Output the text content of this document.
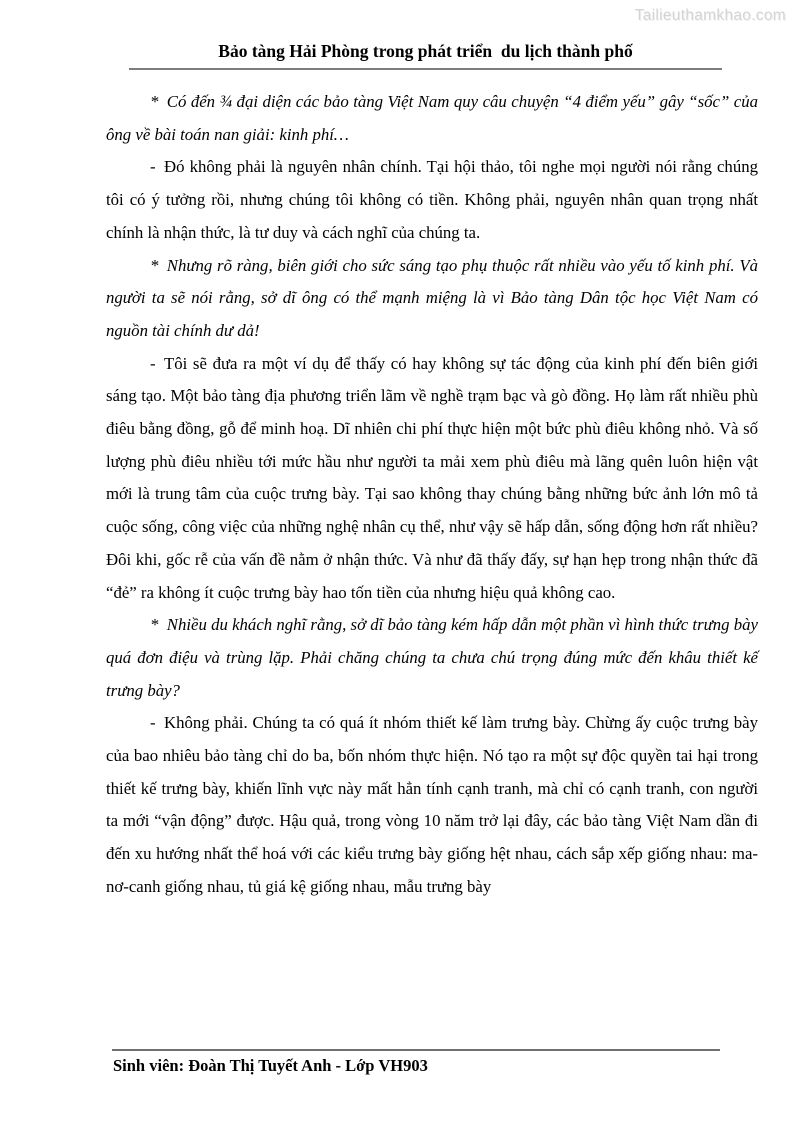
Tailieuthamkhao.com
Bảo tàng Hải Phòng trong phát triển du lịch thành phố

* Có đến ¾ đại diện các bảo tàng Việt Nam quy câu chuyện “4 điểm yếu” gây “sốc” của ông về bài toán nan giải: kinh phí…

- Đó không phải là nguyên nhân chính. Tại hội thảo, tôi nghe mọi người nói rằng chúng tôi có ý tưởng rồi, nhưng chúng tôi không có tiền. Không phải, nguyên nhân quan trọng nhất chính là nhận thức, là tư duy và cách nghĩ của chúng ta.

* Nhưng rõ ràng, biên giới cho sức sáng tạo phụ thuộc rất nhiều vào yếu tố kinh phí. Và người ta sẽ nói rằng, sở dĩ ông có thể mạnh miệng là vì Bảo tàng Dân tộc học Việt Nam có nguồn tài chính dư dả!

- Tôi sẽ đưa ra một ví dụ để thấy có hay không sự tác động của kinh phí đến biên giới sáng tạo. Một bảo tàng địa phương triển lãm về nghề trạm bạc và gò đồng. Họ làm rất nhiều phù điêu bằng đồng, gỗ để minh hoạ. Dĩ nhiên chi phí thực hiện một bức phù điêu không nhỏ. Và số lượng phù điêu nhiều tới mức hầu như người ta mải xem phù điêu mà lãng quên luôn hiện vật mới là trung tâm của cuộc trưng bày. Tại sao không thay chúng bằng những bức ảnh lớn mô tả cuộc sống, công việc của những nghệ nhân cụ thể, như vậy sẽ hấp dẫn, sống động hơn rất nhiều? Đôi khi, gốc rễ của vấn đề nằm ở nhận thức. Và như đã thấy đấy, sự hạn hẹp trong nhận thức đã “đẻ” ra không ít cuộc trưng bày hao tốn tiền của nhưng hiệu quả không cao.

* Nhiều du khách nghĩ rằng, sở dĩ bảo tàng kém hấp dẫn một phần vì hình thức trưng bày quá đơn điệu và trùng lặp. Phải chăng chúng ta chưa chú trọng đúng mức đến khâu thiết kế trưng bày?

- Không phải. Chúng ta có quá ít nhóm thiết kế làm trưng bày. Chừng ấy cuộc trưng bày của bao nhiêu bảo tàng chỉ do ba, bốn nhóm thực hiện. Nó tạo ra một sự độc quyền tai hại trong thiết kế trưng bày, khiến lĩnh vực này mất hẳn tính cạnh tranh, mà chỉ có cạnh tranh, con người ta mới “vận động” được. Hậu quả, trong vòng 10 năm trở lại đây, các bảo tàng Việt Nam dần đi đến xu hướng nhất thể hoá với các kiểu trưng bày giống hệt nhau, cách sắp xếp giống nhau: ma-nơ-canh giống nhau, tủ giá kệ giống nhau, mẫu trưng bày

Sinh viên: Đoàn Thị Tuyết Anh - Lớp VH903
